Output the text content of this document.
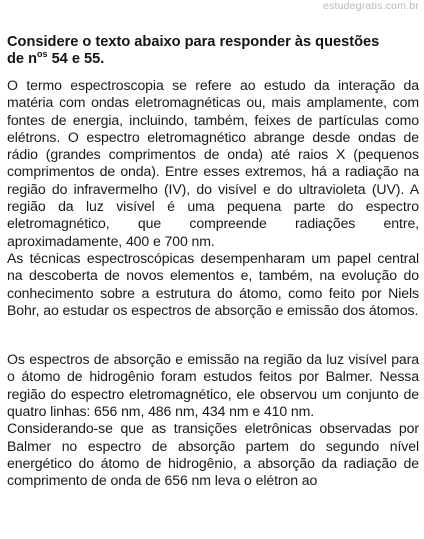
estudegratis.com.br
Considere o texto abaixo para responder às questões
de $n^{os}$ 54 e 55.

O termo espectroscopia se refere ao estudo da interação da matéria com ondas eletromagnéticas ou, mais amplamente, com fontes de energia, incluindo, também, feixes de partículas como elétrons. O espectro eletromagnético abrange desde ondas de rádio (grandes comprimentos de onda) até raios X (pequenos comprimentos de onda). Entre esses extremos, há a radiação na região do infravermelho (IV), do visível e do ultravioleta (UV). A região da luz visível é uma pequena parte do espectro eletromagnético, que compreende radiações entre, aproximadamente, 400 e 700 nm.

As técnicas espectroscópicas desempenharam um papel central na descoberta de novos elementos e, também, na evolução do conhecimento sobre a estrutura do átomo, como feito por Niels Bohr, ao estudar os espectros de absorção e emissão dos átomos.

Os espectros de absorção e emissão na região da luz visível para o átomo de hidrogênio foram estudos feitos por Balmer. Nessa região do espectro eletromagnético, ele observou um conjunto de quatro linhas: 656 nm, 486 nm, 434 nm e 410 nm.

Considerando-se que as transições eletrônicas observadas por Balmer no espectro de absorção partem do segundo nível energético do átomo de hidrogênio, a absorção da radiação de comprimento de onda de 656 nm leva o elétron ao
